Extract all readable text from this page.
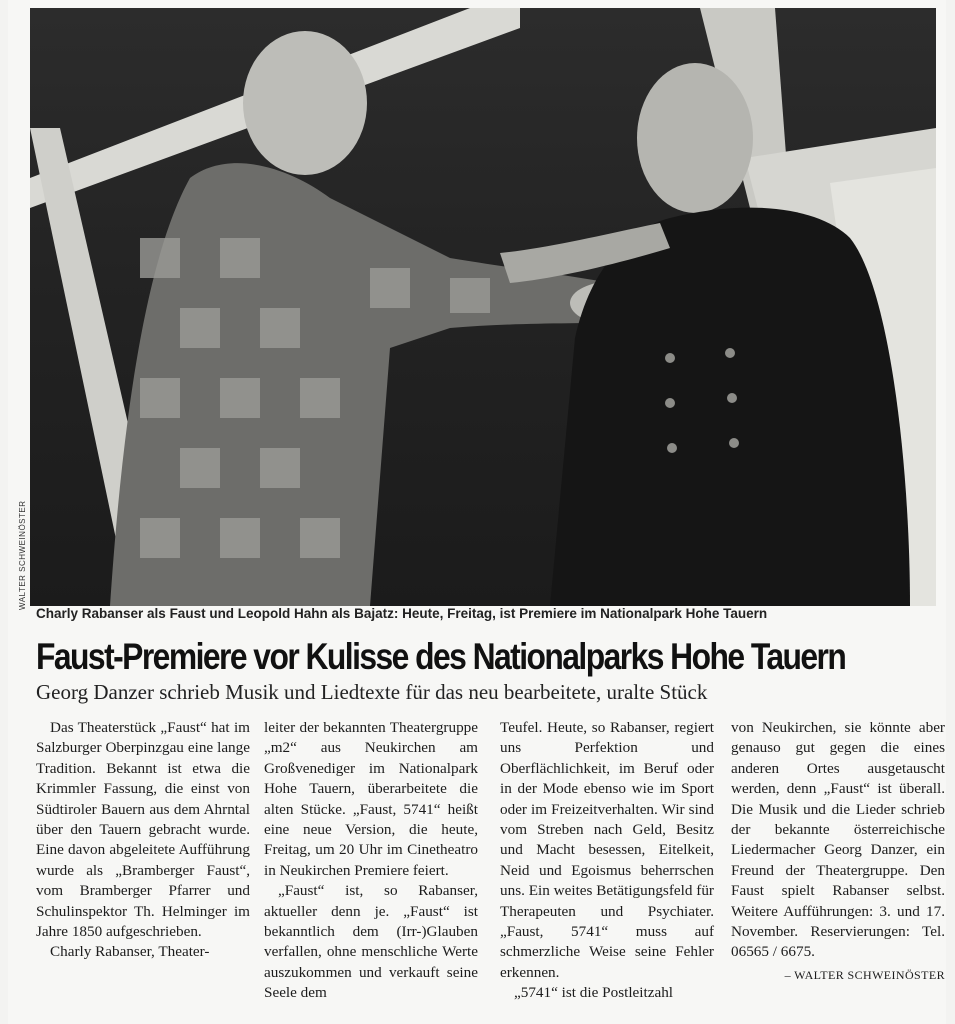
WALTER SCHWEINÖSTER
Charly Rabanser als Faust und Leopold Hahn als Bajatz: Heute, Freitag, ist Premiere im Nationalpark Hohe Tauern
Faust-Premiere vor Kulisse des Nationalparks Hohe Tauern
Georg Danzer schrieb Musik und Liedtexte für das neu bearbeitete, uralte Stück

Das Theaterstück „Faust“ hat im Salzburger Oberpinzgau eine lange Tradition. Bekannt ist etwa die Krimmler Fassung, die einst von Südtiroler Bauern aus dem Ahrntal über den Tauern gebracht wurde. Eine davon abgeleitete Aufführung wurde als „Bramberger Faust“, vom Bramberger Pfarrer und Schulinspektor Th. Helminger im Jahre 1850 aufgeschrieben.

Charly Rabanser, Theater-

leiter der bekannten Theatergruppe „m2“ aus Neukirchen am Großvenediger im Nationalpark Hohe Tauern, überarbeitete die alten Stücke. „Faust, 5741“ heißt eine neue Version, die heute, Freitag, um 20 Uhr im Cinetheatro in Neukirchen Premiere feiert.

„Faust“ ist, so Rabanser, aktueller denn je. „Faust“ ist bekanntlich dem (Irr-)Glauben verfallen, ohne menschliche Werte auszukommen und verkauft seine Seele dem

Teufel. Heute, so Rabanser, regiert uns Perfektion und Oberflächlichkeit, im Beruf oder in der Mode ebenso wie im Sport oder im Freizeitverhalten. Wir sind vom Streben nach Geld, Besitz und Macht besessen, Eitelkeit, Neid und Egoismus beherrschen uns. Ein weites Betätigungsfeld für Therapeuten und Psychiater. „Faust, 5741“ muss auf schmerzliche Weise seine Fehler erkennen.

„5741“ ist die Postleitzahl

von Neukirchen, sie könnte aber genauso gut gegen die eines anderen Ortes ausgetauscht werden, denn „Faust“ ist überall. Die Musik und die Lieder schrieb der bekannte österreichische Liedermacher Georg Danzer, ein Freund der Theatergruppe. Den Faust spielt Rabanser selbst. Weitere Aufführungen: 3. und 17. November. Reservierungen: Tel. 06565 / 6675.

– WALTER SCHWEINÖSTER
